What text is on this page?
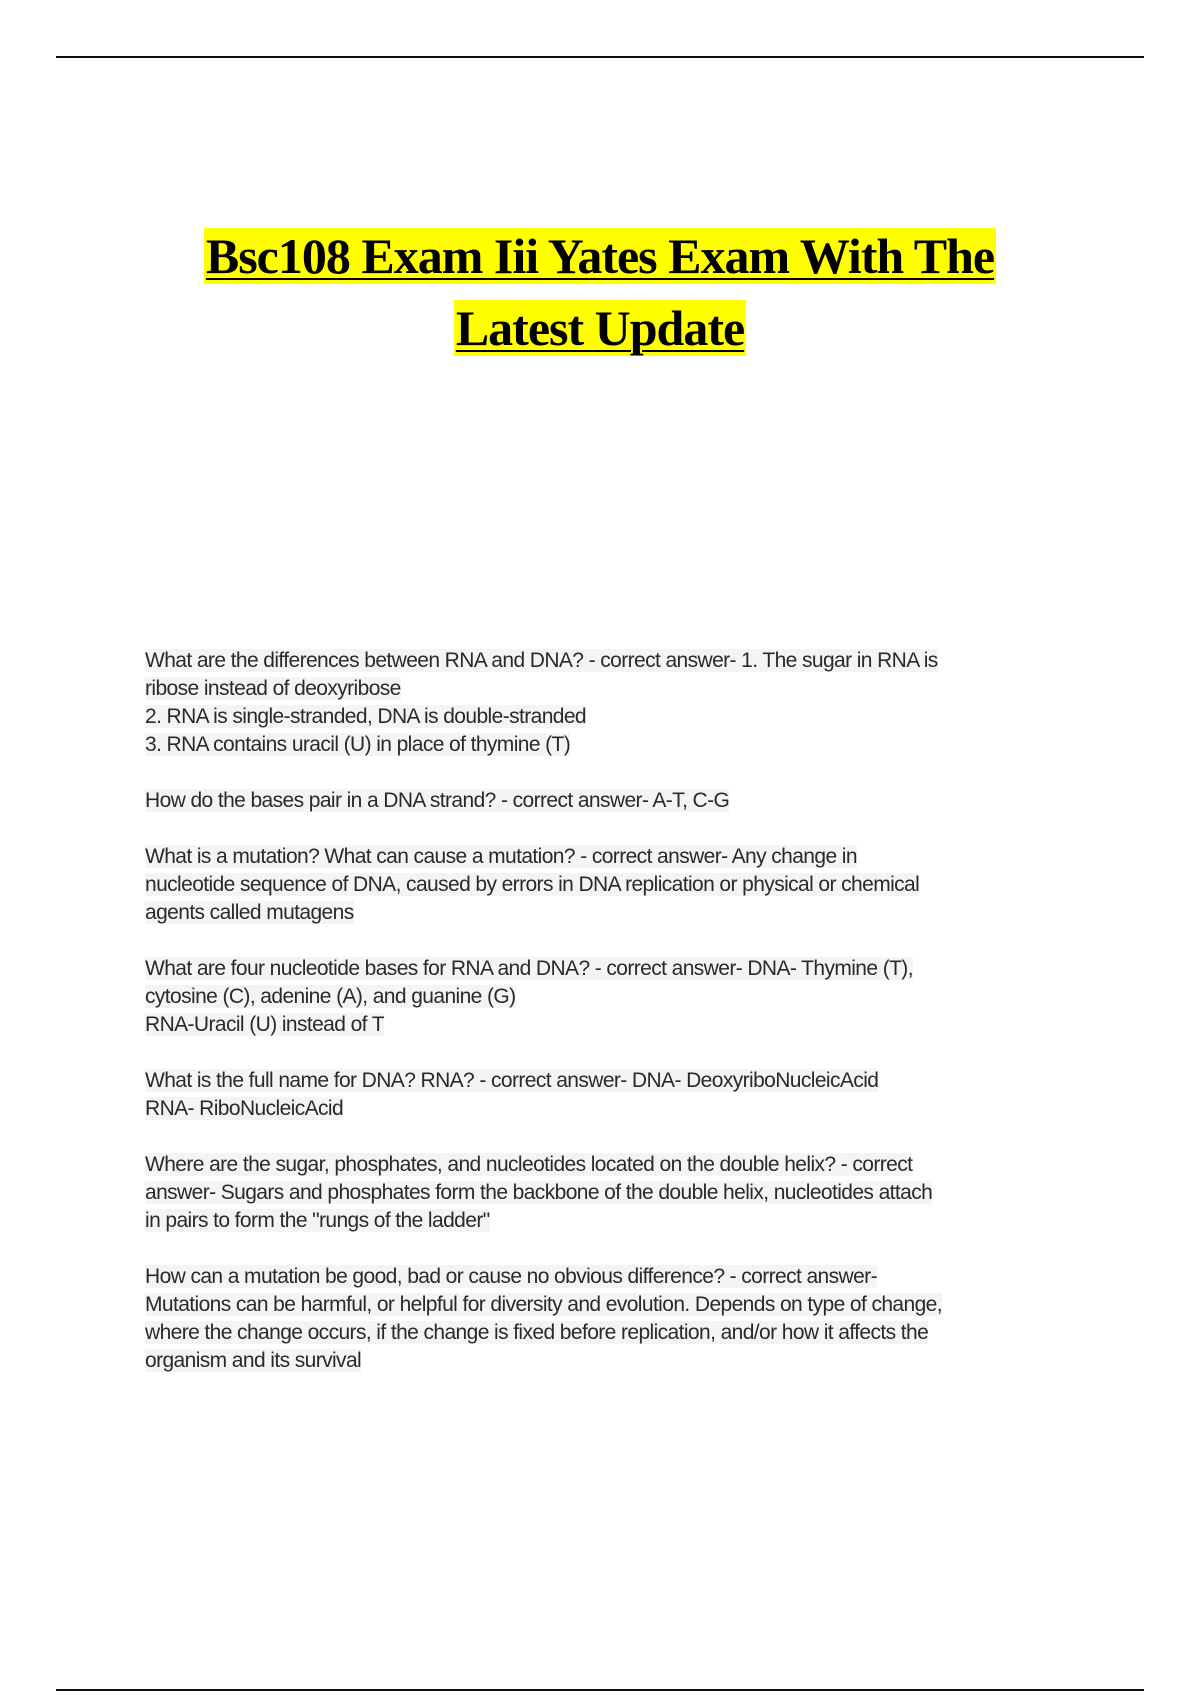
Bsc108 Exam Iii Yates Exam With The
Latest Update
What are the differences between RNA and DNA? - correct answer- 1. The sugar in RNA is
ribose instead of deoxyribose
2. RNA is single-stranded, DNA is double-stranded
3. RNA contains uracil (U) in place of thymine (T)
How do the bases pair in a DNA strand? - correct answer- A-T, C-G
What is a mutation? What can cause a mutation? - correct answer- Any change in
nucleotide sequence of DNA, caused by errors in DNA replication or physical or chemical
agents called mutagens
What are four nucleotide bases for RNA and DNA? - correct answer- DNA- Thymine (T),
cytosine (C), adenine (A), and guanine (G)
RNA-Uracil (U) instead of T
What is the full name for DNA? RNA? - correct answer- DNA- DeoxyriboNucleicAcid
RNA- RiboNucleicAcid
Where are the sugar, phosphates, and nucleotides located on the double helix? - correct
answer- Sugars and phosphates form the backbone of the double helix, nucleotides attach
in pairs to form the "rungs of the ladder"
How can a mutation be good, bad or cause no obvious difference? - correct answer-
Mutations can be harmful, or helpful for diversity and evolution. Depends on type of change,
where the change occurs, if the change is fixed before replication, and/or how it affects the
organism and its survival
